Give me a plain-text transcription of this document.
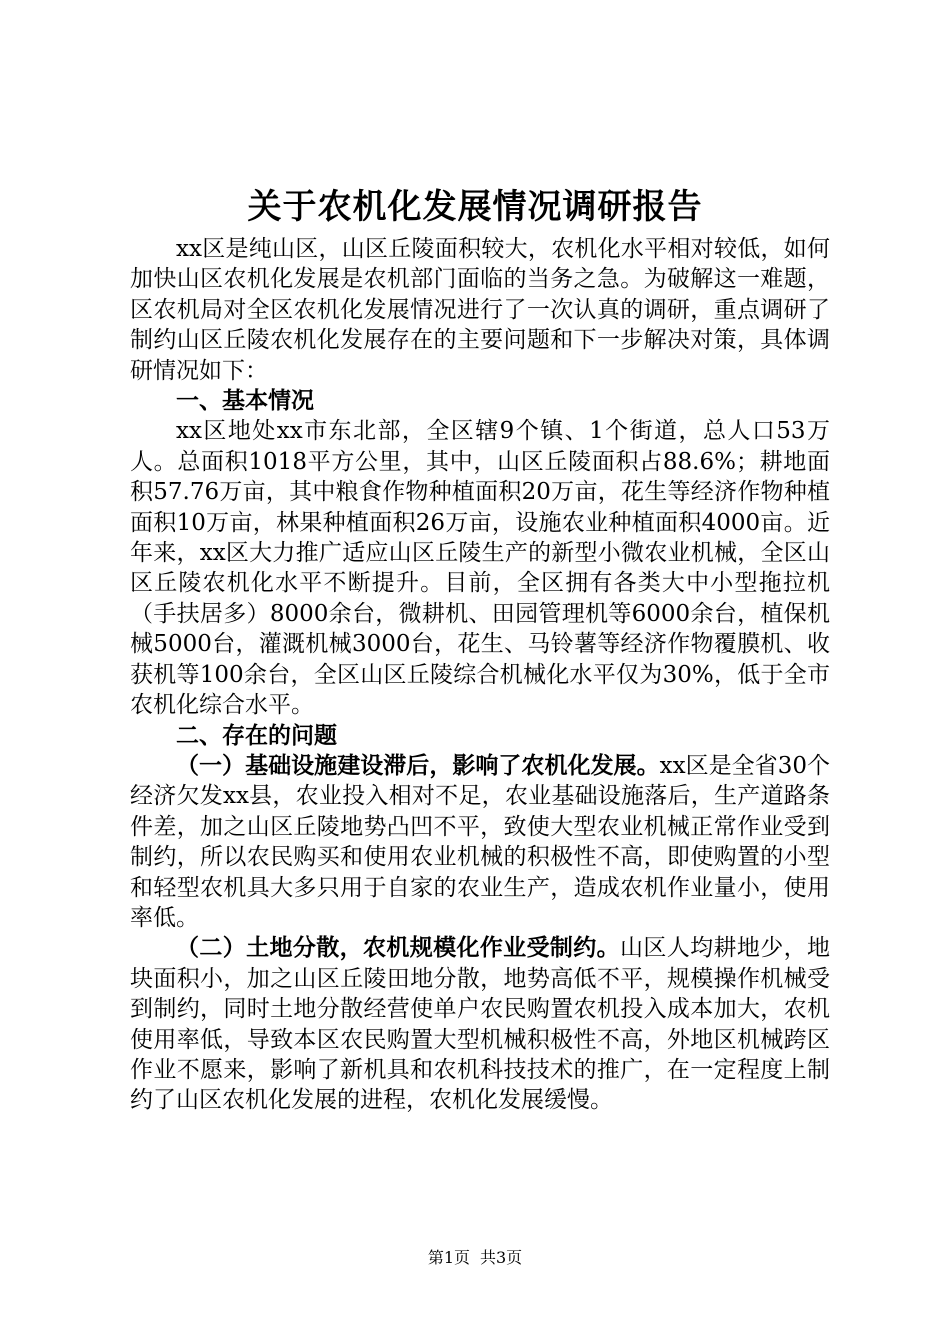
关于农机化发展情况调研报告

xx区是纯山区，山区丘陵面积较大，农机化水平相对较低，如何加快山区农机化发展是农机部门面临的当务之急。为破解这一难题，区农机局对全区农机化发展情况进行了一次认真的调研，重点调研了制约山区丘陵农机化发展存在的主要问题和下一步解决对策，具体调研情况如下：

一、基本情况

xx区地处xx市东北部，全区辖9个镇、1个街道，总人口53万人。总面积1018平方公里，其中，山区丘陵面积占88.6%；耕地面积57.76万亩，其中粮食作物种植面积20万亩，花生等经济作物种植面积10万亩，林果种植面积26万亩，设施农业种植面积4000亩。近年来，xx区大力推广适应山区丘陵生产的新型小微农业机械，全区山区丘陵农机化水平不断提升。目前，全区拥有各类大中小型拖拉机（手扶居多）8000余台，微耕机、田园管理机等6000余台，植保机械5000台，灌溉机械3000台，花生、马铃薯等经济作物覆膜机、收获机等100余台，全区山区丘陵综合机械化水平仅为30%，低于全市农机化综合水平。

二、存在的问题

（一）基础设施建设滞后，影响了农机化发展。xx区是全省30个经济欠发xx县，农业投入相对不足，农业基础设施落后，生产道路条件差，加之山区丘陵地势凸凹不平，致使大型农业机械正常作业受到制约，所以农民购买和使用农业机械的积极性不高，即使购置的小型和轻型农机具大多只用于自家的农业生产，造成农机作业量小，使用率低。

（二）土地分散，农机规模化作业受制约。山区人均耕地少，地块面积小，加之山区丘陵田地分散，地势高低不平，规模操作机械受到制约，同时土地分散经营使单户农民购置农机投入成本加大，农机使用率低，导致本区农民购置大型机械积极性不高，外地区机械跨区作业不愿来，影响了新机具和农机科技技术的推广，在一定程度上制约了山区农机化发展的进程，农机化发展缓慢。

第1页 共3页
